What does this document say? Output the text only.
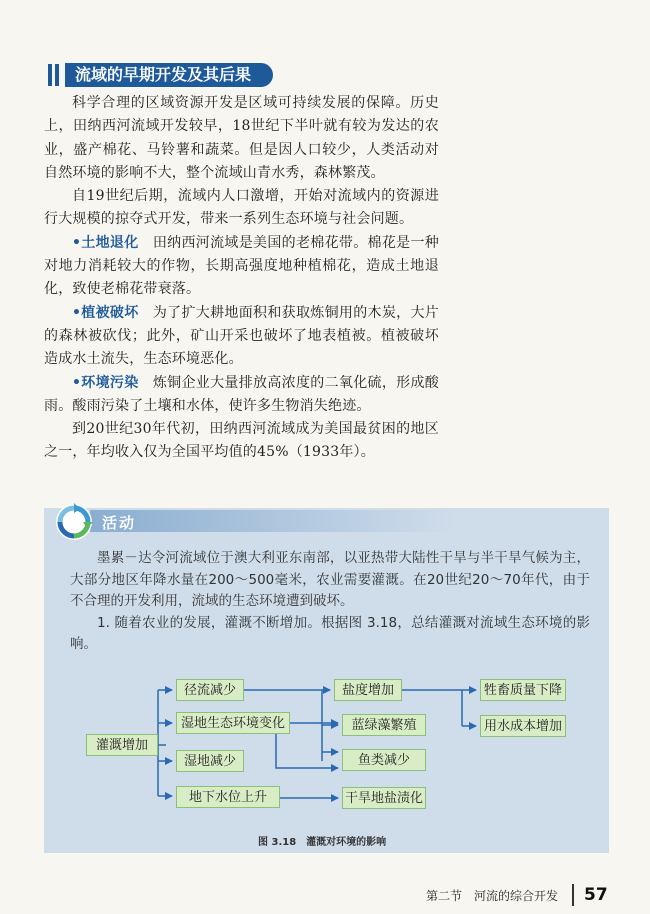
流域的早期开发及其后果

科学合理的区域资源开发是区域可持续发展的保障。历史上，田纳西河流域开发较早，18世纪下半叶就有较为发达的农业，盛产棉花、马铃薯和蔬菜。但是因人口较少，人类活动对自然环境的影响不大，整个流域山青水秀，森林繁茂。

自19世纪后期，流域内人口激增，开始对流域内的资源进行大规模的掠夺式开发，带来一系列生态环境与社会问题。

•土地退化　 田纳西河流域是美国的老棉花带。棉花是一种对地力消耗较大的作物，长期高强度地种植棉花，造成土地退化，致使老棉花带衰落。

•植被破坏　 为了扩大耕地面积和获取炼铜用的木炭，大片的森林被砍伐；此外，矿山开采也破坏了地表植被。植被破坏造成水土流失，生态环境恶化。

•环境污染　 炼铜企业大量排放高浓度的二氧化硫，形成酸雨。酸雨污染了土壤和水体，使许多生物消失绝迹。

到20世纪30年代初，田纳西河流域成为美国最贫困的地区之一，年均收入仅为全国平均值的45%（1933年）。

活动

墨累－达令河流域位于澳大利亚东南部，以亚热带大陆性干旱与半干旱气候为主，大部分地区年降水量在200～500毫米，农业需要灌溉。在20世纪20～70年代，由于不合理的开发利用，流域的生态环境遭到破坏。

1. 随着农业的发展，灌溉不断增加。根据图 3.18，总结灌溉对流域生态环境的影响。

灌溉增加
径流减少
湿地生态环境变化
湿地减少
地下水位上升
盐度增加
蓝绿藻繁殖
鱼类减少
干旱地盐渍化
牲畜质量下降
用水成本增加
图 3.18 灌溉对环境的影响
第二节　河流的综合开发 57
